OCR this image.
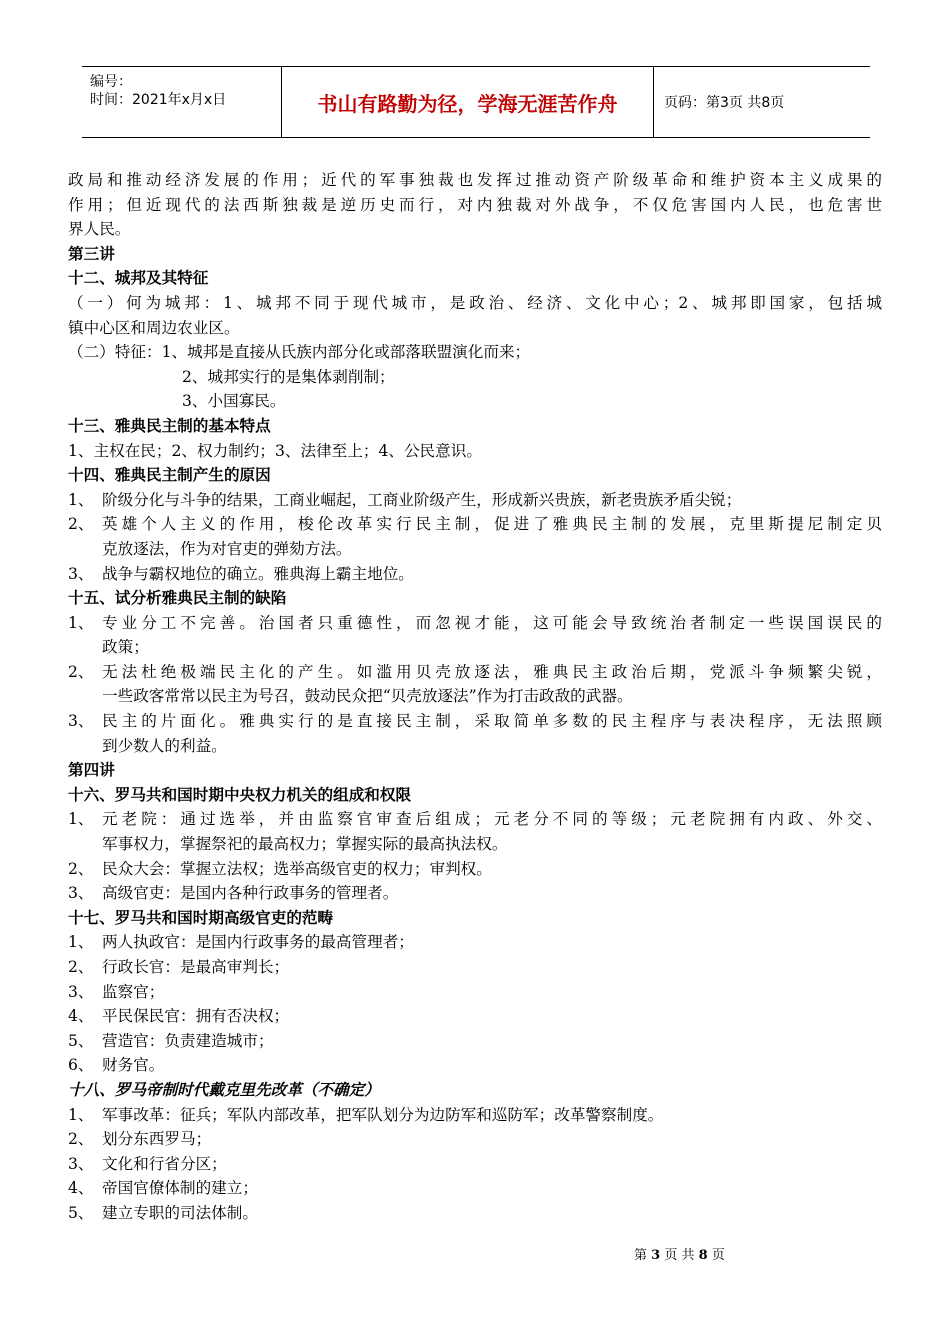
编号：
时间：2021年x月x日	书山有路勤为径，学海无涯苦作舟	页码：第3页 共8页
政局和推动经济发展的作用；近代的军事独裁也发挥过推动资产阶级革命和维护资本主义成果的
作用；但近现代的法西斯独裁是逆历史而行，对内独裁对外战争，不仅危害国内人民，也危害世
界人民。
第三讲
十二、城邦及其特征
（一）何为城邦：1、城邦不同于现代城市，是政治、经济、文化中心；2、城邦即国家，包括城
镇中心区和周边农业区。
（二）特征：1、城邦是直接从氏族内部分化或部落联盟演化而来；
2、城邦实行的是集体剥削制；
3、小国寡民。
十三、雅典民主制的基本特点
1、主权在民；2、权力制约；3、法律至上；4、公民意识。
十四、雅典民主制产生的原因
1、 阶级分化与斗争的结果，工商业崛起，工商业阶级产生，形成新兴贵族，新老贵族矛盾尖锐；
2、 英雄个人主义的作用，梭伦改革实行民主制，促进了雅典民主制的发展，克里斯提尼制定贝
克放逐法，作为对官吏的弹劾方法。
3、 战争与霸权地位的确立。雅典海上霸主地位。
十五、试分析雅典民主制的缺陷
1、 专业分工不完善。治国者只重德性，而忽视才能，这可能会导致统治者制定一些误国误民的
政策；
2、 无法杜绝极端民主化的产生。如滥用贝壳放逐法，雅典民主政治后期，党派斗争频繁尖锐，
一些政客常常以民主为号召，鼓动民众把“贝壳放逐法”作为打击政敌的武器。
3、 民主的片面化。雅典实行的是直接民主制，采取简单多数的民主程序与表决程序，无法照顾
到少数人的利益。
第四讲
十六、罗马共和国时期中央权力机关的组成和权限
1、 元老院：通过选举，并由监察官审查后组成；元老分不同的等级；元老院拥有内政、外交、
军事权力，掌握祭祀的最高权力；掌握实际的最高执法权。
2、 民众大会：掌握立法权；选举高级官吏的权力；审判权。
3、 高级官吏：是国内各种行政事务的管理者。
十七、罗马共和国时期高级官吏的范畴
1、 两人执政官：是国内行政事务的最高管理者；
2、 行政长官：是最高审判长；
3、 监察官；
4、 平民保民官：拥有否决权；
5、 营造官：负责建造城市；
6、 财务官。
十八、罗马帝制时代戴克里先改革（不确定）
1、 军事改革：征兵；军队内部改革，把军队划分为边防军和巡防军；改革警察制度。
2、 划分东西罗马；
3、 文化和行省分区；
4、 帝国官僚体制的建立；
5、 建立专职的司法体制。
第 3 页 共 8 页
